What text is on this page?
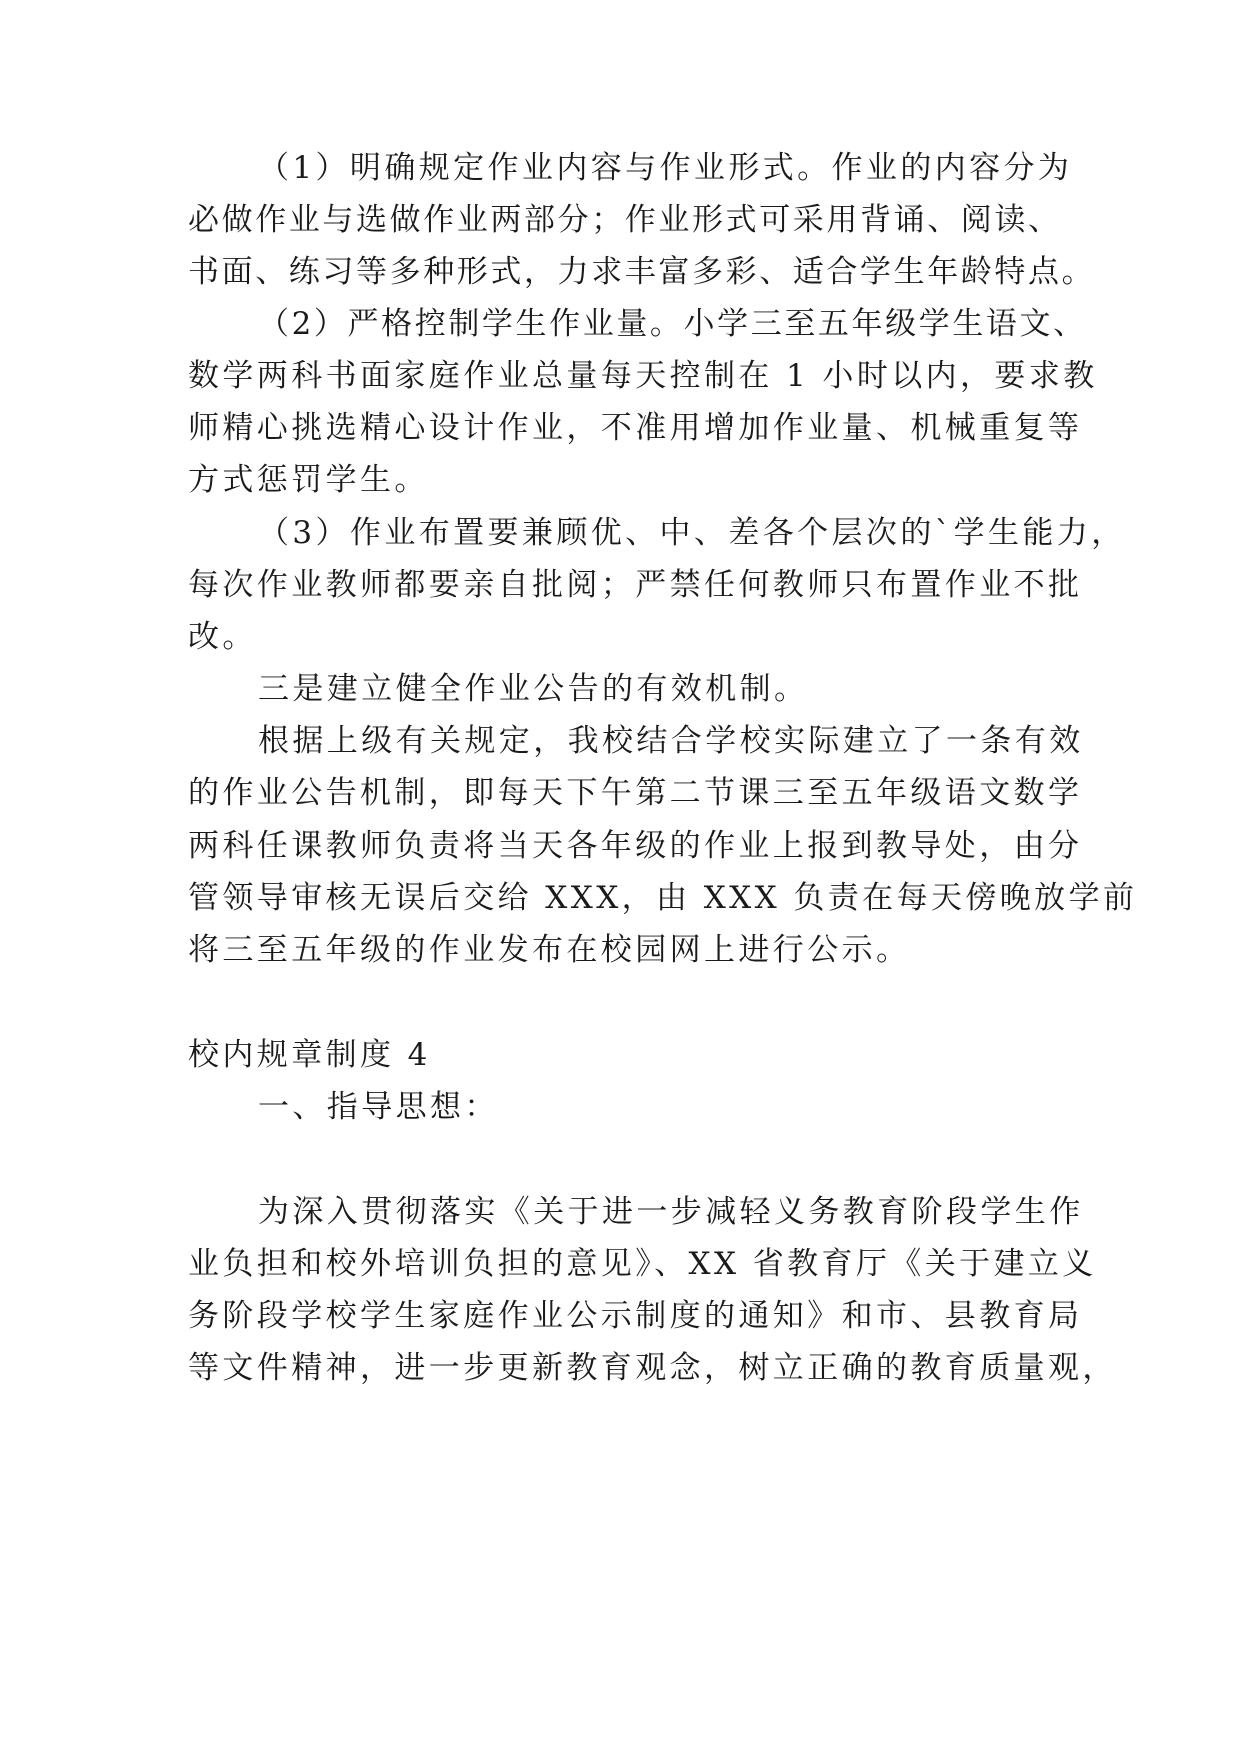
（1）明确规定作业内容与作业形式。作业的内容分为
必做作业与选做作业两部分；作业形式可采用背诵、阅读、
书面、练习等多种形式，力求丰富多彩、适合学生年龄特点。
（2）严格控制学生作业量。小学三至五年级学生语文、
数学两科书面家庭作业总量每天控制在 1 小时以内，要求教
师精心挑选精心设计作业，不准用增加作业量、机械重复等
方式惩罚学生。
（3）作业布置要兼顾优、中、差各个层次的`学生能力，
每次作业教师都要亲自批阅；严禁任何教师只布置作业不批
改。
三是建立健全作业公告的有效机制。
根据上级有关规定，我校结合学校实际建立了一条有效
的作业公告机制，即每天下午第二节课三至五年级语文数学
两科任课教师负责将当天各年级的作业上报到教导处，由分
管领导审核无误后交给 XXX，由 XXX 负责在每天傍晚放学前
将三至五年级的作业发布在校园网上进行公示。
校内规章制度 4
一、指导思想：
为深入贯彻落实《关于进一步减轻义务教育阶段学生作
业负担和校外培训负担的意见》、XX 省教育厅《关于建立义
务阶段学校学生家庭作业公示制度的通知》和市、县教育局
等文件精神，进一步更新教育观念，树立正确的教育质量观，
